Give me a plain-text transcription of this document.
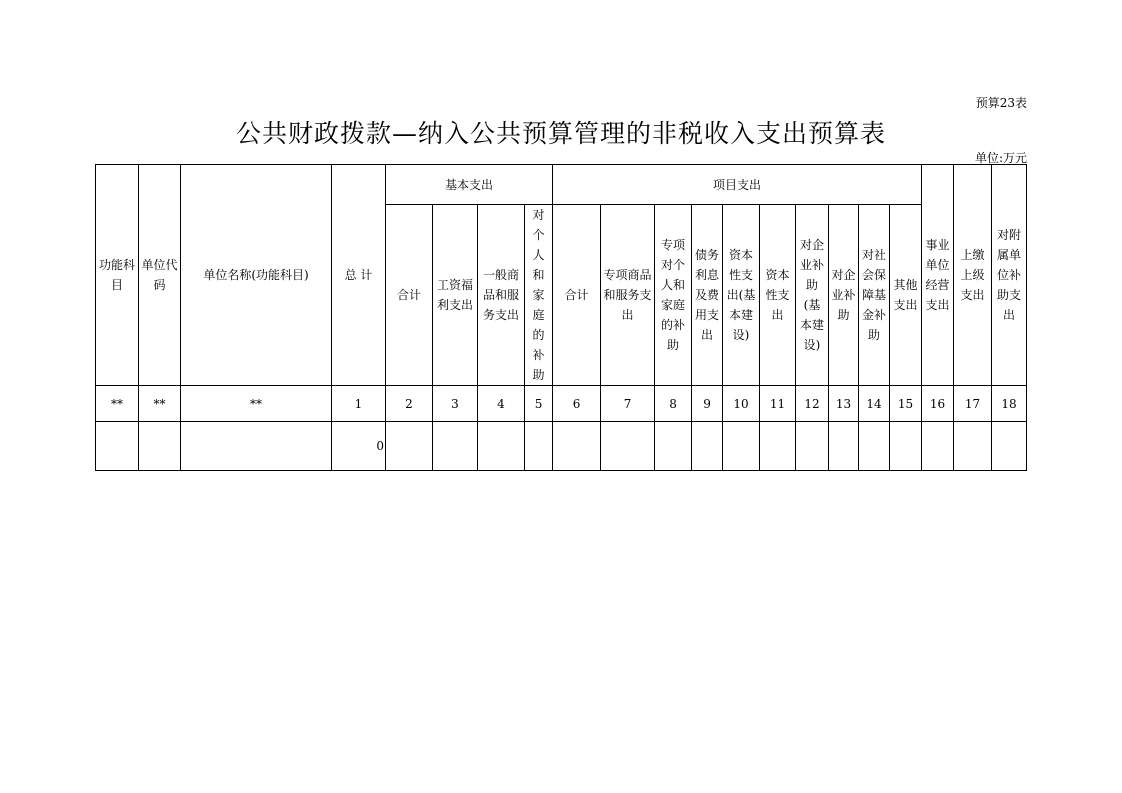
预算23表
公共财政拨款—纳入公共预算管理的非税收入支出预算表
单位:万元
功能科目	单位代码	单位名称(功能科目)	总 计	基本支出				项目支出										事业单位经营支出	上缴上级支出	对附属单位补助支出
				合计	工资福利支出	一般商品和服务支出	对个人和家庭的补助	合计	专项商品和服务支出	专项对个人和家庭的补助	债务利息及费用支出	资本性支出(基本建设)	资本性支出	对企业补助(基本建设)	对企业补助	对社会保障基金补助	其他支出			
**	**	**	1	2	3	4	5	6	7	8	9	10	11	12	13	14	15	16	17	18
			0																	
